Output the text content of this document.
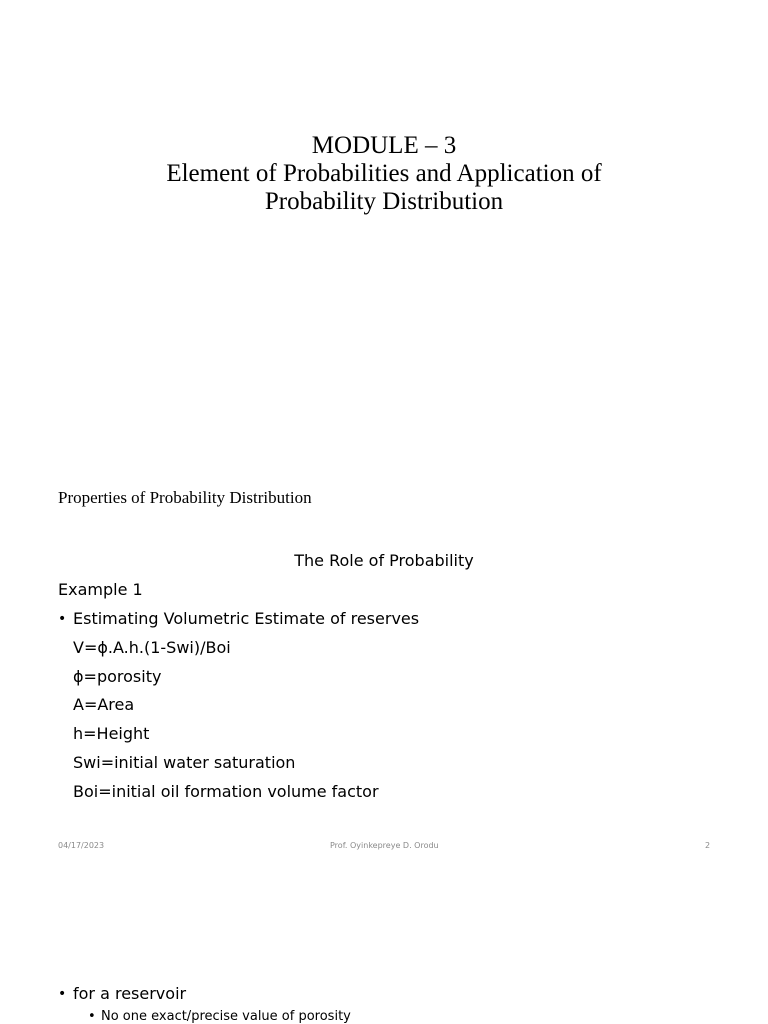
MODULE – 3
Element of Probabilities and Application of
Probability Distribution
Properties of Probability Distribution
The Role of Probability
Example 1
• Estimating Volumetric Estimate of reserves
V=ϕ.A.h.(1-Swi)/Boi
ϕ=porosity
A=Area
h=Height
Swi=initial water saturation
Boi=initial oil formation volume factor
04/17/2023	Prof. Oyinkepreye D. Orodu	2
• for a reservoir
• No one exact/precise value of porosity
